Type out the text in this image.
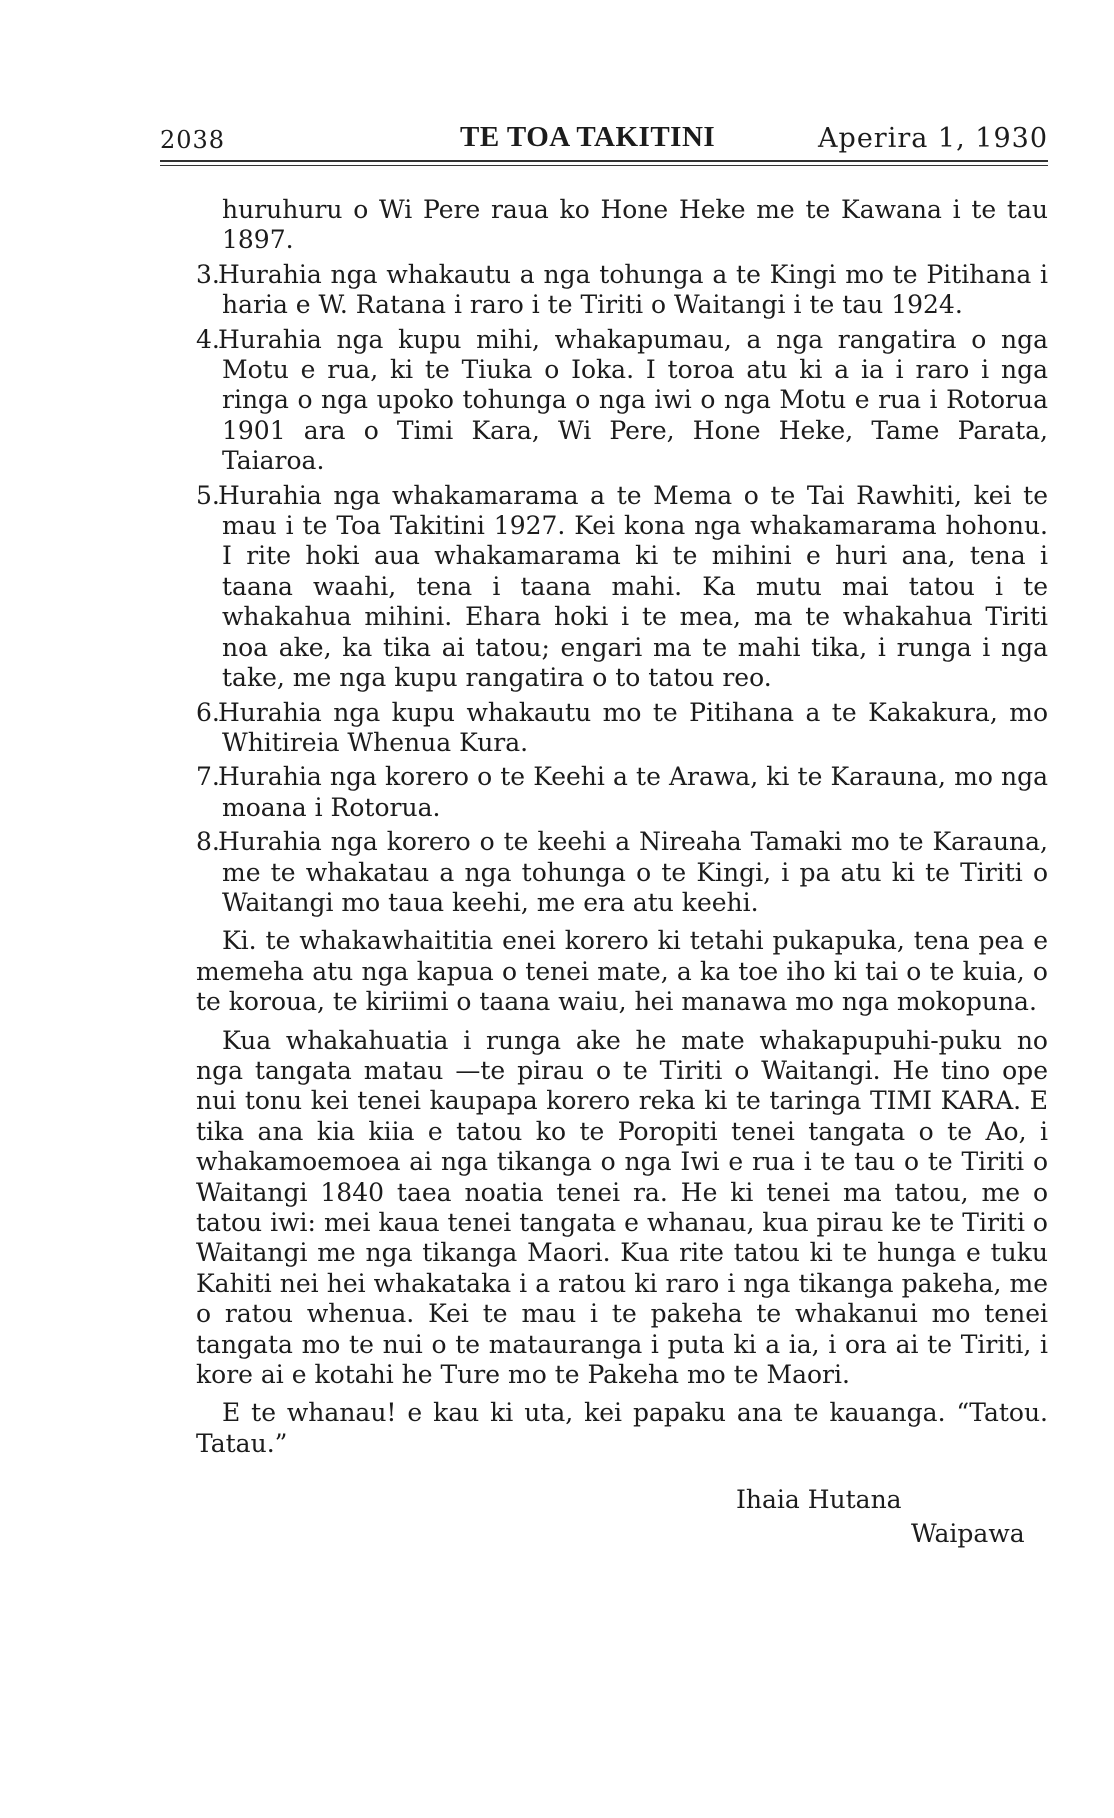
2038	TE TOA TAKITINI	Aperira 1, 1930

huruhuru o Wi Pere raua ko Hone Heke me te Kawana i te tau 1897.

3.Hurahia nga whakautu a nga tohunga a te Kingi mo te Pitihana i haria e W. Ratana i raro i te Tiriti o Waitangi i te tau 1924.

4.Hurahia nga kupu mihi, whakapumau, a nga rangatira o nga Motu e rua, ki te Tiuka o Ioka. I toroa atu ki a ia i raro i nga ringa o nga upoko tohunga o nga iwi o nga Motu e rua i Rotorua 1901 ara o Timi Kara, Wi Pere, Hone Heke, Tame Parata, Taiaroa.

5.Hurahia nga whakamarama a te Mema o te Tai Rawhiti, kei te mau i te Toa Takitini 1927. Kei kona nga whakamarama hohonu. I rite hoki aua whakamarama ki te mihini e huri ana, tena i taana waahi, tena i taana mahi. Ka mutu mai tatou i te whakahua mihini. Ehara hoki i te mea, ma te whakahua Tiriti noa ake, ka tika ai tatou; engari ma te mahi tika, i runga i nga take, me nga kupu rangatira o to tatou reo.

6.Hurahia nga kupu whakautu mo te Pitihana a te Kakakura, mo Whitireia Whenua Kura.

7.Hurahia nga korero o te Keehi a te Arawa, ki te Karauna, mo nga moana i Rotorua.

8.Hurahia nga korero o te keehi a Nireaha Tamaki mo te Karauna, me te whakatau a nga tohunga o te Kingi, i pa atu ki te Tiriti o Waitangi mo taua keehi, me era atu keehi.

Ki. te whakawhaititia enei korero ki tetahi pukapuka, tena pea e memeha atu nga kapua o tenei mate, a ka toe iho ki tai o te kuia, o te koroua, te kiriimi o taana waiu, hei manawa mo nga mokopuna.

Kua whakahuatia i runga ake he mate whakapupuhi-puku no nga tangata matau —te pirau o te Tiriti o Waitangi. He tino ope nui tonu kei tenei kaupapa korero reka ki te taringa TIMI KARA. E tika ana kia kiia e tatou ko te Poropiti tenei tangata o te Ao, i whakamoemoea ai nga tikanga o nga Iwi e rua i te tau o te Tiriti o Waitangi 1840 taea noatia tenei ra. He ki tenei ma tatou, me o tatou iwi: mei kaua tenei tangata e whanau, kua pirau ke te Tiriti o Waitangi me nga tikanga Maori. Kua rite tatou ki te hunga e tuku Kahiti nei hei whakataka i a ratou ki raro i nga tikanga pakeha, me o ratou whenua. Kei te mau i te pakeha te whakanui mo tenei tangata mo te nui o te matauranga i puta ki a ia, i ora ai te Tiriti, i kore ai e kotahi he Ture mo te Pakeha mo te Maori.

E te whanau! e kau ki uta, kei papaku ana te kauanga. “Tatou. Tatau.”

Ihaia Hutana
Waipawa
